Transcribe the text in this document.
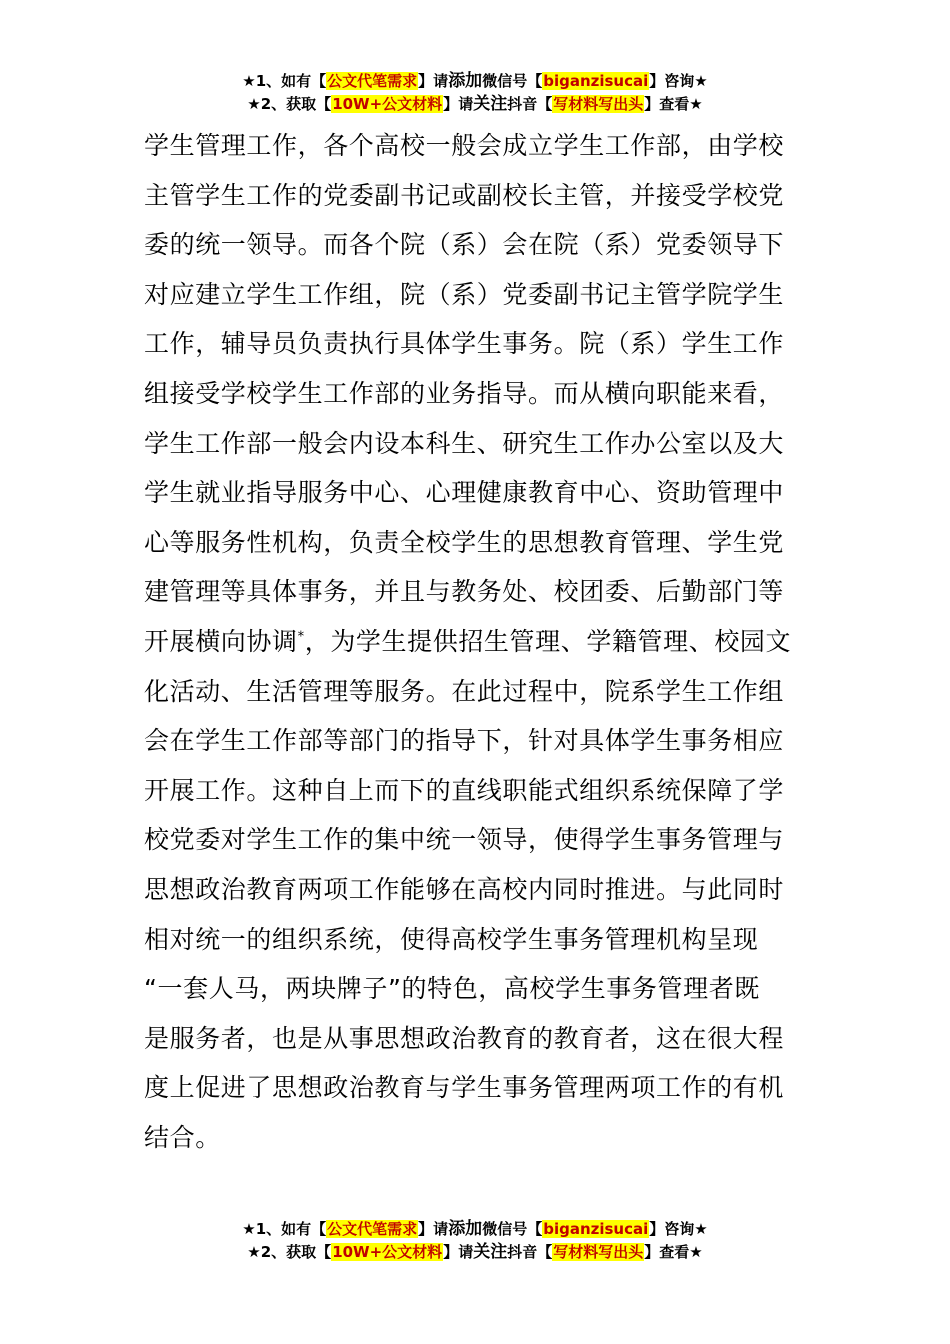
★1、如有【公文代笔需求】请添加微信号【biganzisucai】咨询★
★2、获取【10W+公文材料】请关注抖音【写材料写出头】查看★
学生管理工作，各个高校一般会成立学生工作部，由学校
主管学生工作的党委副书记或副校长主管，并接受学校党
委的统一领导。而各个院（系）会在院（系）党委领导下
对应建立学生工作组，院（系）党委副书记主管学院学生
工作，辅导员负责执行具体学生事务。院（系）学生工作
组接受学校学生工作部的业务指导。而从横向职能来看，
学生工作部一般会内设本科生、研究生工作办公室以及大
学生就业指导服务中心、心理健康教育中心、资助管理中
心等服务性机构，负责全校学生的思想教育管理、学生党
建管理等具体事务，并且与教务处、校团委、后勤部门等
开展横向协调*，为学生提供招生管理、学籍管理、校园文
化活动、生活管理等服务。在此过程中，院系学生工作组
会在学生工作部等部门的指导下，针对具体学生事务相应
开展工作。这种自上而下的直线职能式组织系统保障了学
校党委对学生工作的集中统一领导，使得学生事务管理与
思想政治教育两项工作能够在高校内同时推进。与此同时
相对统一的组织系统，使得高校学生事务管理机构呈现
“一套人马，两块牌子”的特色，高校学生事务管理者既
是服务者，也是从事思想政治教育的教育者，这在很大程
度上促进了思想政治教育与学生事务管理两项工作的有机
结合。
★1、如有【公文代笔需求】请添加微信号【biganzisucai】咨询★
★2、获取【10W+公文材料】请关注抖音【写材料写出头】查看★
